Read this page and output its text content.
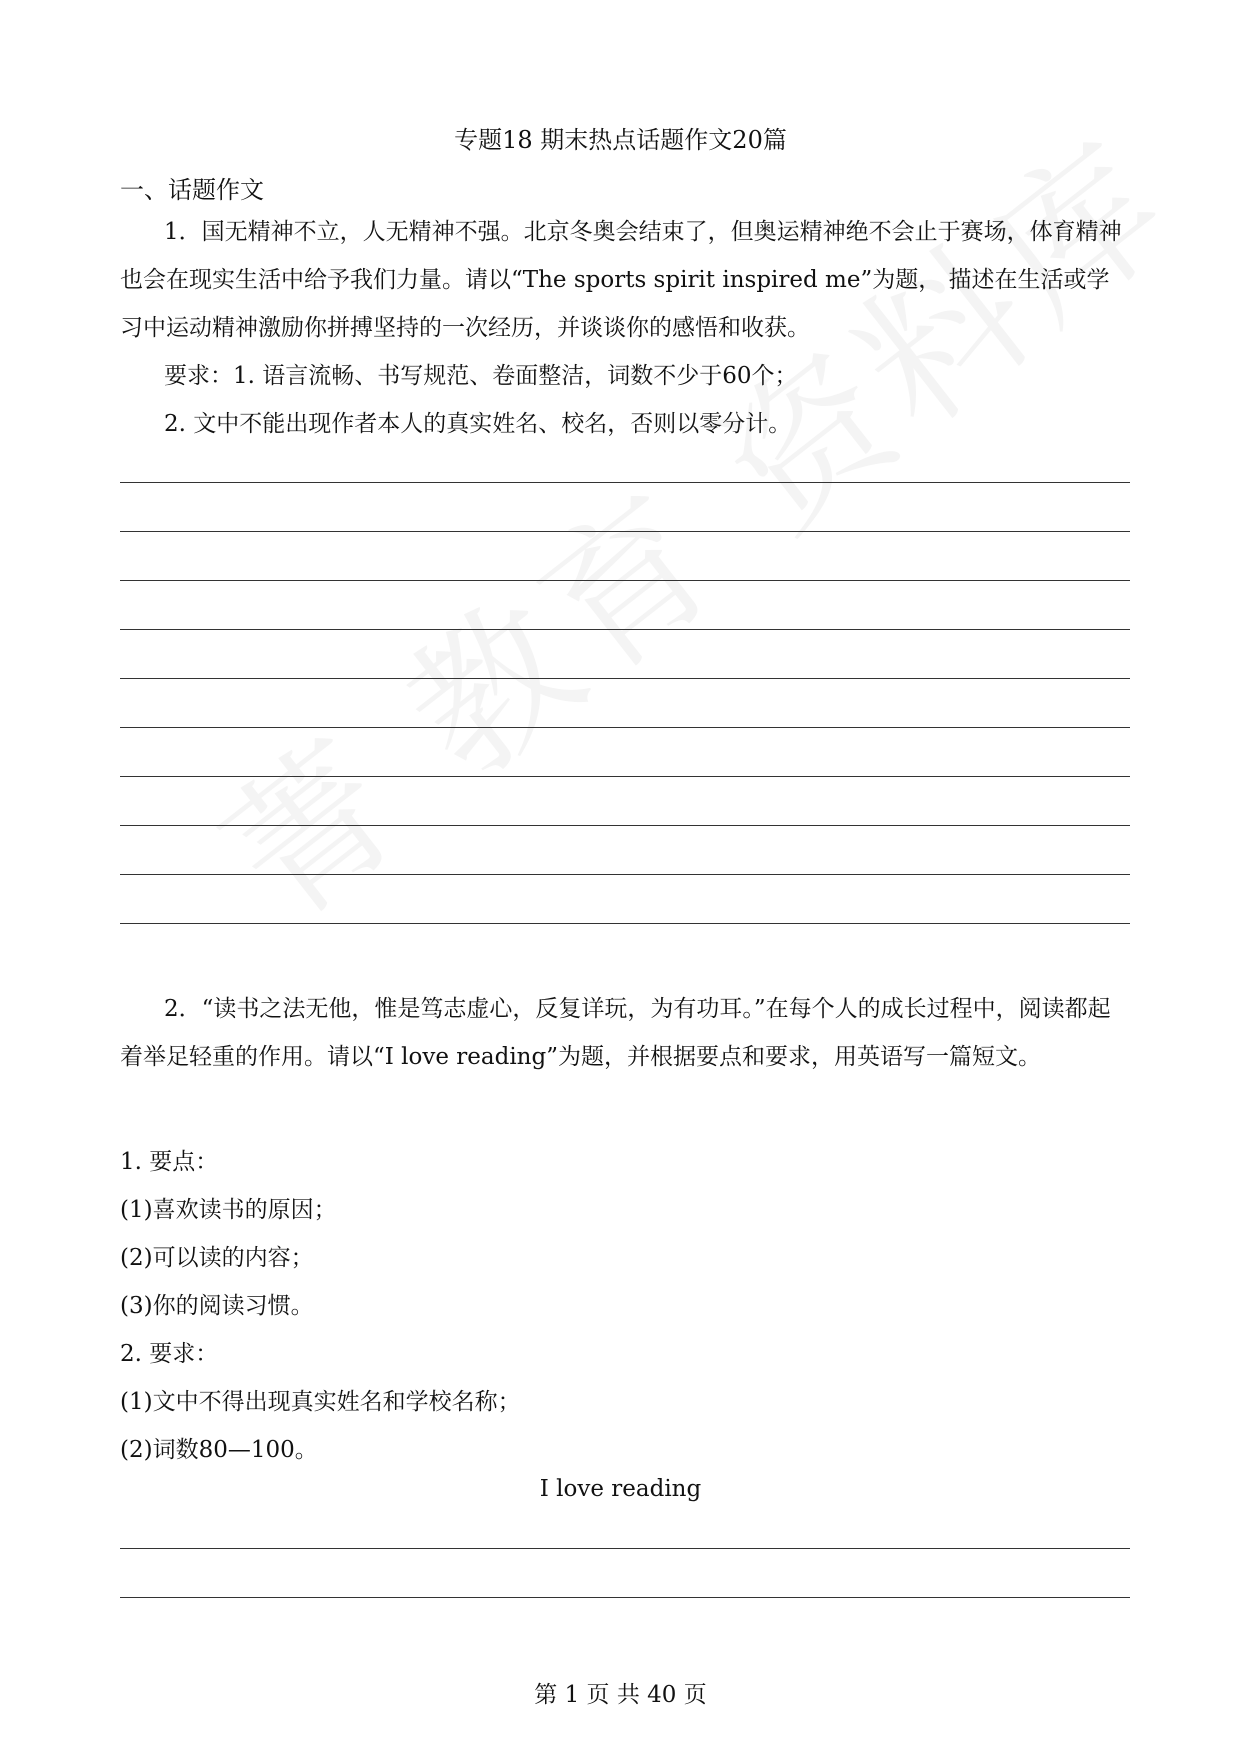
专题18 期末热点话题作文20篇
一、话题作文
1．国无精神不立，人无精神不强。北京冬奥会结束了，但奥运精神绝不会止于赛场，体育精神也会在现实生活中给予我们力量。请以“The sports spirit inspired me”为题， 描述在生活或学习中运动精神激励你拼搏坚持的一次经历，并谈谈你的感悟和收获。
要求：1. 语言流畅、书写规范、卷面整洁，词数不少于60个；
2. 文中不能出现作者本人的真实姓名、校名，否则以零分计。
2．“读书之法无他，惟是笃志虚心，反复详玩，为有功耳。”在每个人的成长过程中，阅读都起着举足轻重的作用。请以“I love reading”为题，并根据要点和要求，用英语写一篇短文。
1. 要点：
(1)喜欢读书的原因；
(2)可以读的内容；
(3)你的阅读习惯。
2. 要求：
(1)文中不得出现真实姓名和学校名称；
(2)词数80—100。
I love reading
第 1 页 共 40 页
